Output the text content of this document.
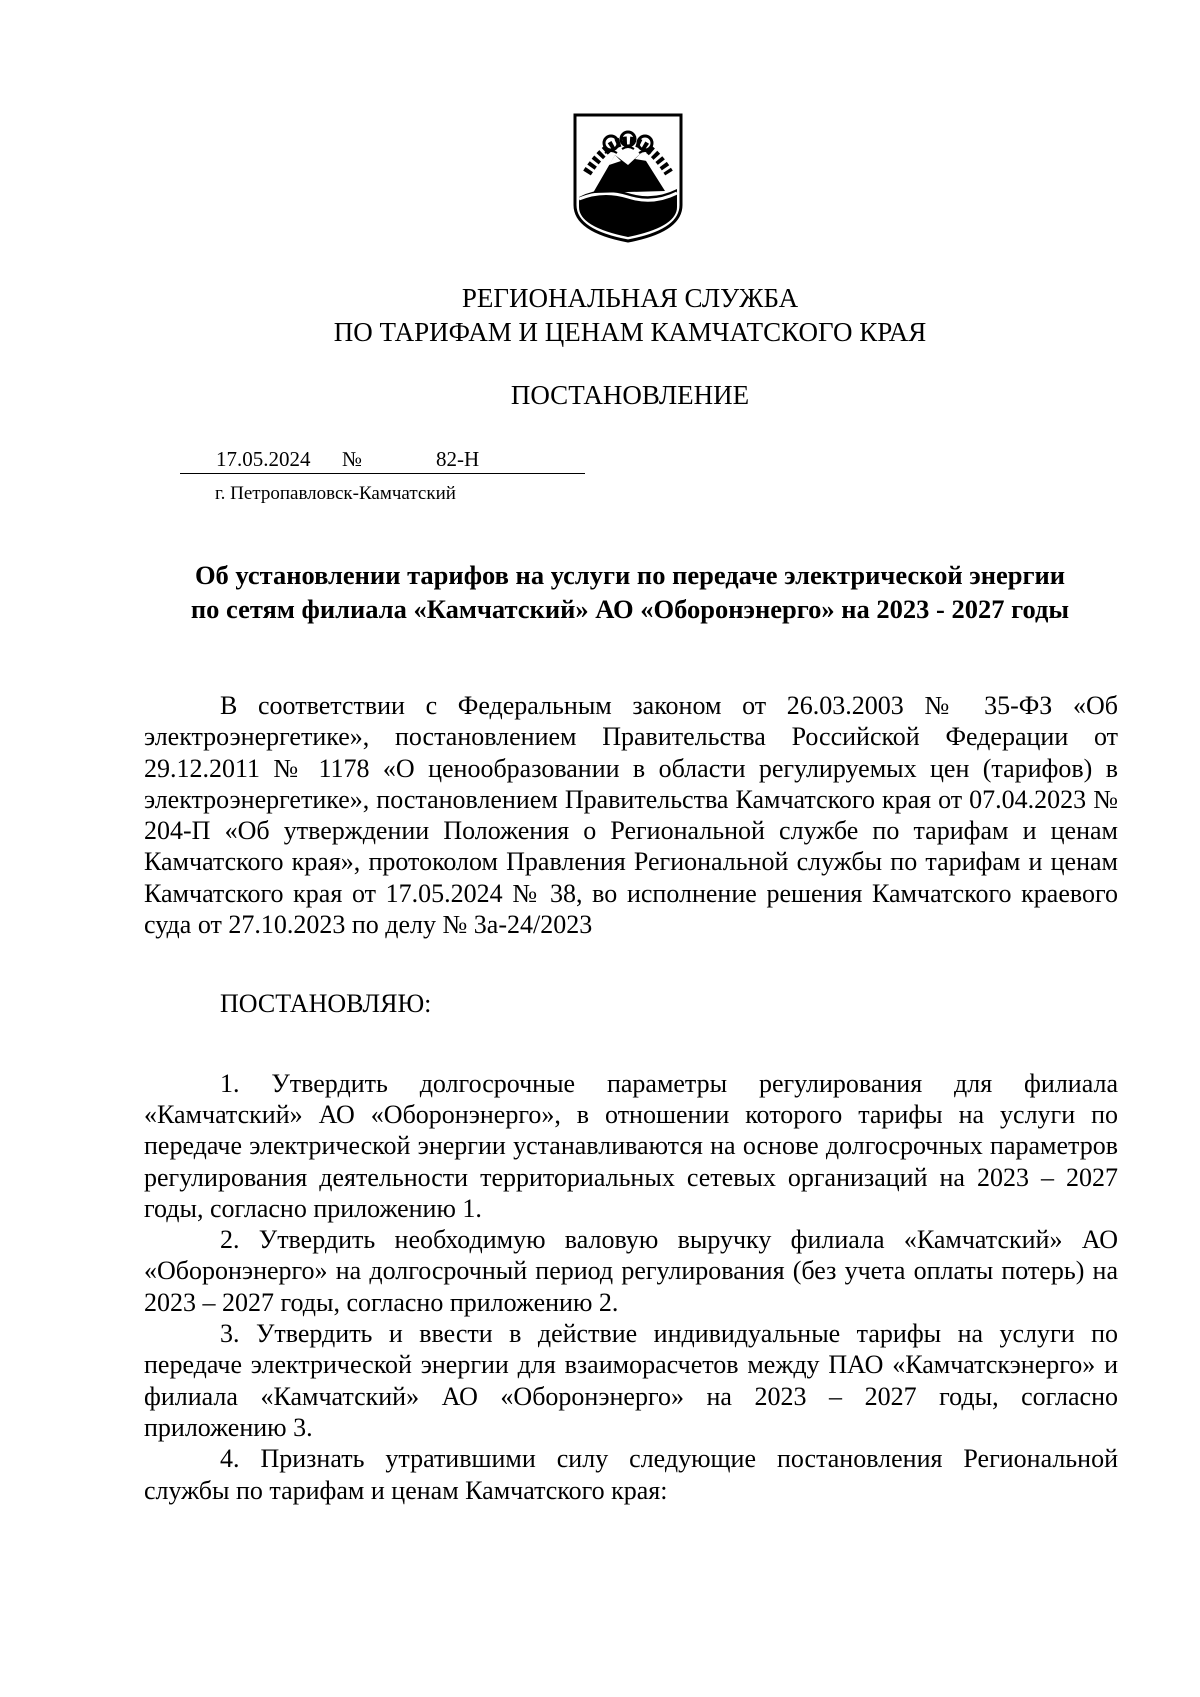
РЕГИОНАЛЬНАЯ СЛУЖБА
ПО ТАРИФАМ И ЦЕНАМ КАМЧАТСКОГО КРАЯ
ПОСТАНОВЛЕНИЕ
17.05.2024 №	82-Н
г. Петропавловск-Камчатский
Об установлении тарифов на услуги по передаче электрической энергии
по сетям филиала «Камчатский» АО «Оборонэнерго» на 2023 - 2027 годы

В соответствии с Федеральным законом от 26.03.2003 № 35-ФЗ «Об электроэнергетике», постановлением Правительства Российской Федерации от 29.12.2011 № 1178 «О ценообразовании в области регулируемых цен (тарифов) в электроэнергетике», постановлением Правительства Камчатского края от 07.04.2023 № 204-П «Об утверждении Положения о Региональной службе по тарифам и ценам Камчатского края», протоколом Правления Региональной службы по тарифам и ценам Камчатского края от 17.05.2024 № 38, во исполнение решения Камчатского краевого суда от 27.10.2023 по делу № 3а-24/2023

ПОСТАНОВЛЯЮ:

1. Утвердить долгосрочные параметры регулирования для филиала «Камчатский» АО «Оборонэнерго», в отношении которого тарифы на услуги по передаче электрической энергии устанавливаются на основе долгосрочных параметров регулирования деятельности территориальных сетевых организаций на 2023 – 2027 годы, согласно приложению 1.

2. Утвердить необходимую валовую выручку филиала «Камчатский» АО «Оборонэнерго» на долгосрочный период регулирования (без учета оплаты потерь) на 2023 – 2027 годы, согласно приложению 2.

3. Утвердить и ввести в действие индивидуальные тарифы на услуги по передаче электрической энергии для взаиморасчетов между ПАО «Камчатскэнерго» и филиала «Камчатский» АО «Оборонэнерго» на 2023 – 2027 годы, согласно приложению 3.

4. Признать утратившими силу следующие постановления Региональной службы по тарифам и ценам Камчатского края:
